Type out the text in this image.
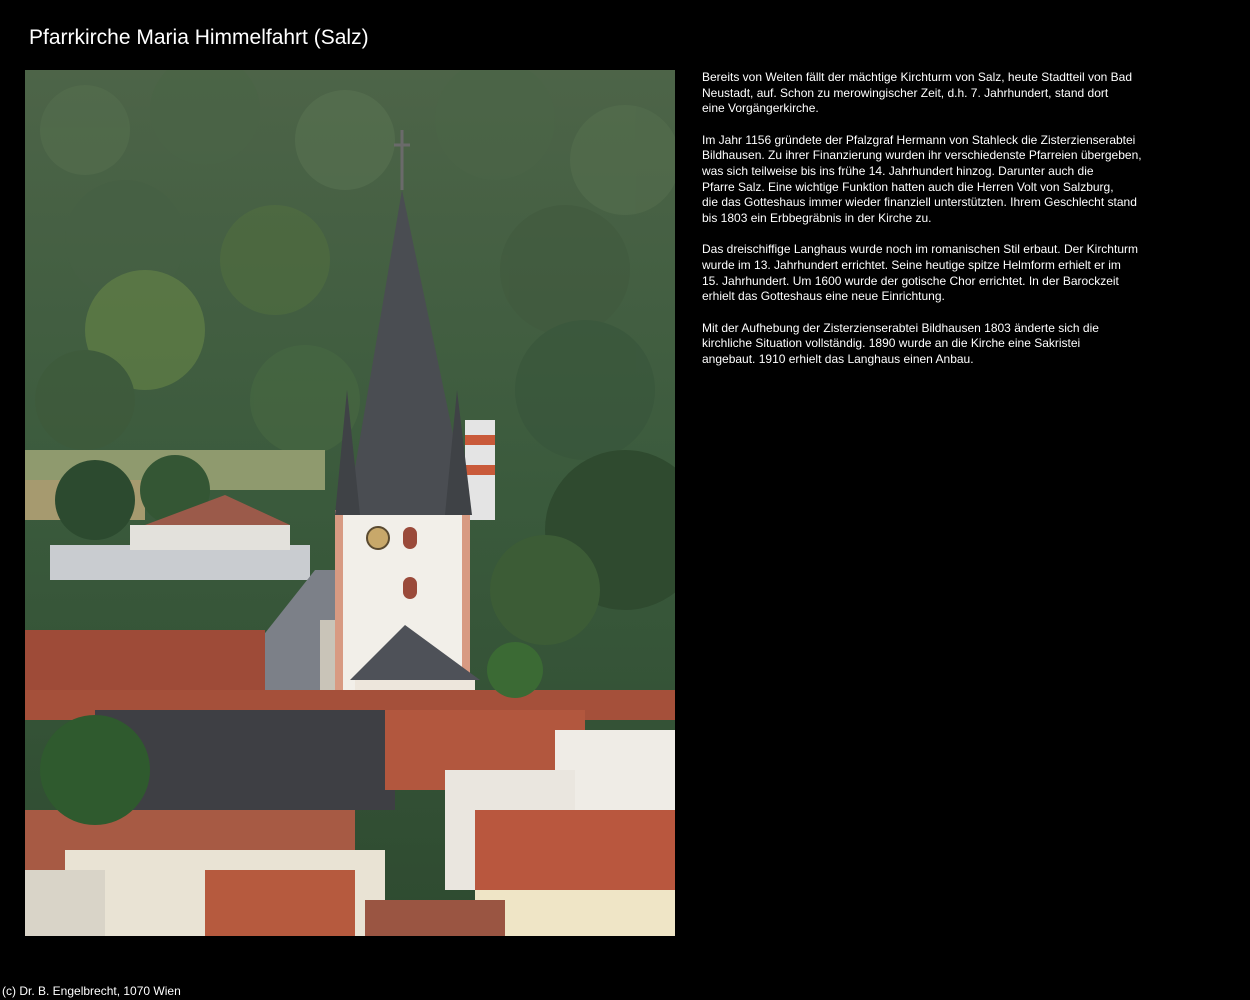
Pfarrkirche Maria Himmelfahrt (Salz)

Bereits von Weiten fällt der mächtige Kirchturm von Salz, heute Stadtteil von Bad
Neustadt, auf. Schon zu merowingischer Zeit, d.h. 7. Jahrhundert, stand dort
eine Vorgängerkirche.

Im Jahr 1156 gründete der Pfalzgraf Hermann von Stahleck die Zisterzienserabtei
Bildhausen. Zu ihrer Finanzierung wurden ihr verschiedenste Pfarreien übergeben,
was sich teilweise bis ins frühe 14. Jahrhundert hinzog. Darunter auch die
Pfarre Salz. Eine wichtige Funktion hatten auch die Herren Volt von Salzburg,
die das Gotteshaus immer wieder finanziell unterstützten. Ihrem Geschlecht stand
bis 1803 ein Erbbegräbnis in der Kirche zu.

Das dreischiffige Langhaus wurde noch im romanischen Stil erbaut. Der Kirchturm
wurde im 13. Jahrhundert errichtet. Seine heutige spitze Helmform erhielt er im
15. Jahrhundert. Um 1600 wurde der gotische Chor errichtet. In der Barockzeit
erhielt das Gotteshaus eine neue Einrichtung.

Mit der Aufhebung der Zisterzienserabtei Bildhausen 1803 änderte sich die
kirchliche Situation vollständig. 1890 wurde an die Kirche eine Sakristei
angebaut. 1910 erhielt das Langhaus einen Anbau.

(c) Dr. B. Engelbrecht, 1070 Wien
